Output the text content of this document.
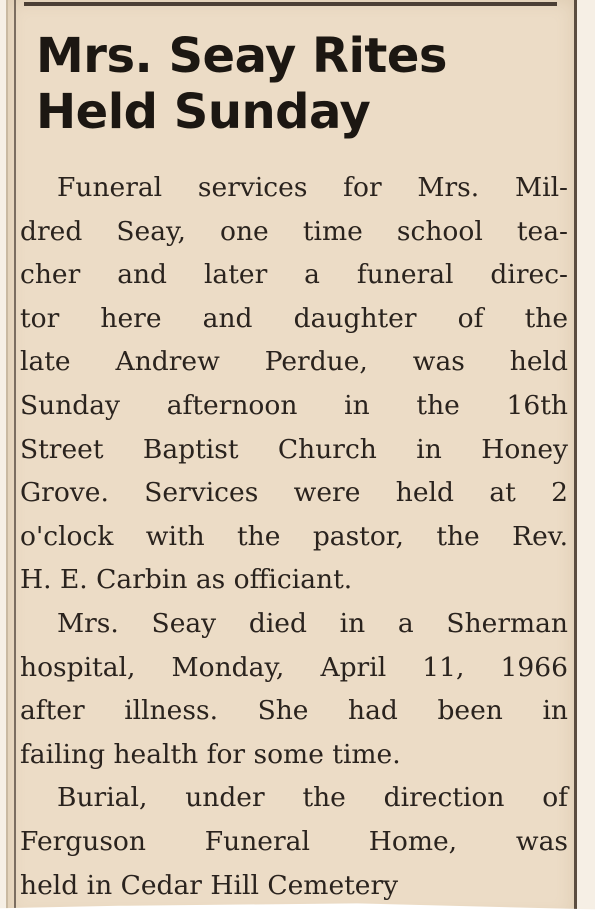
Mrs. Seay Rites
Held Sunday
Funeral services for Mrs. Mil-
dred Seay, one time school tea-
cher and later a funeral direc-
tor here and daughter of the
late Andrew Perdue, was held
Sunday afternoon in the 16th
Street Baptist Church in Honey
Grove. Services were held at 2
o'clock with the pastor, the Rev.
H. E. Carbin as officiant.
Mrs. Seay died in a Sherman
hospital, Monday, April 11, 1966
after illness. She had been in
failing health for some time.
Burial, under the direction of
Ferguson Funeral Home, was
held in Cedar Hill Cemetery
